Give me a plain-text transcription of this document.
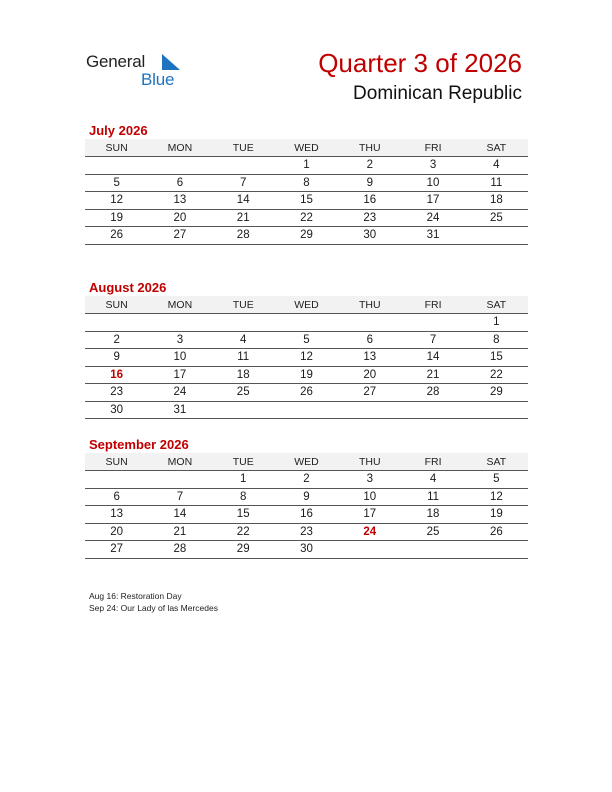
General
Blue
Quarter 3 of 2026
Dominican Republic
July 2026
SUN	MON	TUE	WED	THU	FRI	SAT
			1	2	3	4
5	6	7	8	9	10	11
12	13	14	15	16	17	18
19	20	21	22	23	24	25
26	27	28	29	30	31	
August 2026
SUN	MON	TUE	WED	THU	FRI	SAT
						1
2	3	4	5	6	7	8
9	10	11	12	13	14	15
16	17	18	19	20	21	22
23	24	25	26	27	28	29
30	31					
September 2026
SUN	MON	TUE	WED	THU	FRI	SAT
		1	2	3	4	5
6	7	8	9	10	11	12
13	14	15	16	17	18	19
20	21	22	23	24	25	26
27	28	29	30			
Aug 16: Restoration Day
Sep 24: Our Lady of las Mercedes
